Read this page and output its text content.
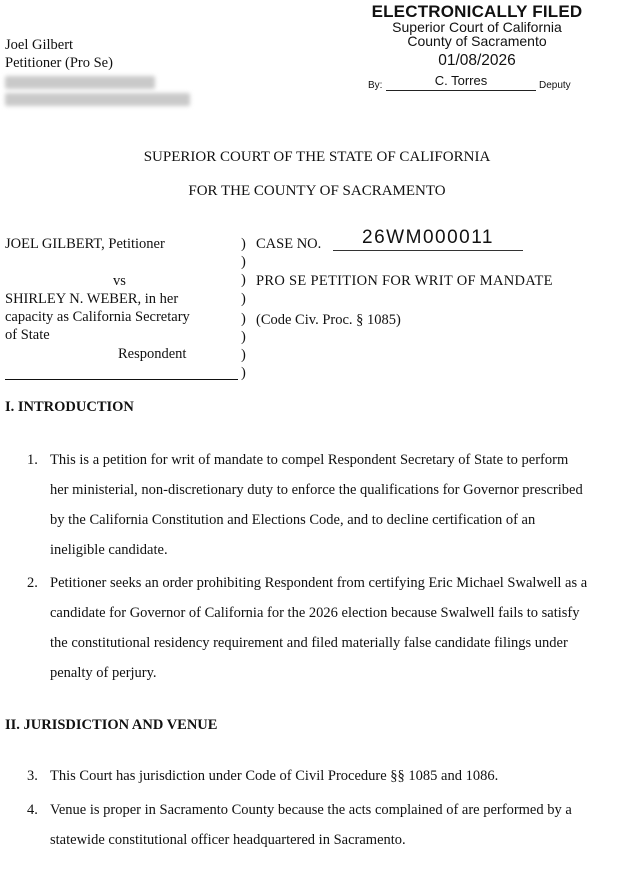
Joel Gilbert
Petitioner (Pro Se)
ELECTRONICALLY FILED
Superior Court of California
County of Sacramento
01/08/2026
By:	C. Torres	Deputy
SUPERIOR COURT OF THE STATE OF CALIFORNIA
FOR THE COUNTY OF SACRAMENTO
JOEL GILBERT, Petitioner
vs
SHIRLEY N. WEBER, in her
capacity as California Secretary
of State
Respondent
)
)
)
)
)
)
)
)
CASE NO.	26WM000011
PRO SE PETITION FOR WRIT OF MANDATE
(Code Civ. Proc. § 1085)
I. INTRODUCTION
1. This is a petition for writ of mandate to compel Respondent Secretary of State to perform
her ministerial, non-discretionary duty to enforce the qualifications for Governor prescribed
by the California Constitution and Elections Code, and to decline certification of an
ineligible candidate.
2. Petitioner seeks an order prohibiting Respondent from certifying Eric Michael Swalwell as a
candidate for Governor of California for the 2026 election because Swalwell fails to satisfy
the constitutional residency requirement and filed materially false candidate filings under
penalty of perjury.
II. JURISDICTION AND VENUE
3. This Court has jurisdiction under Code of Civil Procedure §§ 1085 and 1086.
4. Venue is proper in Sacramento County because the acts complained of are performed by a
statewide constitutional officer headquartered in Sacramento.
